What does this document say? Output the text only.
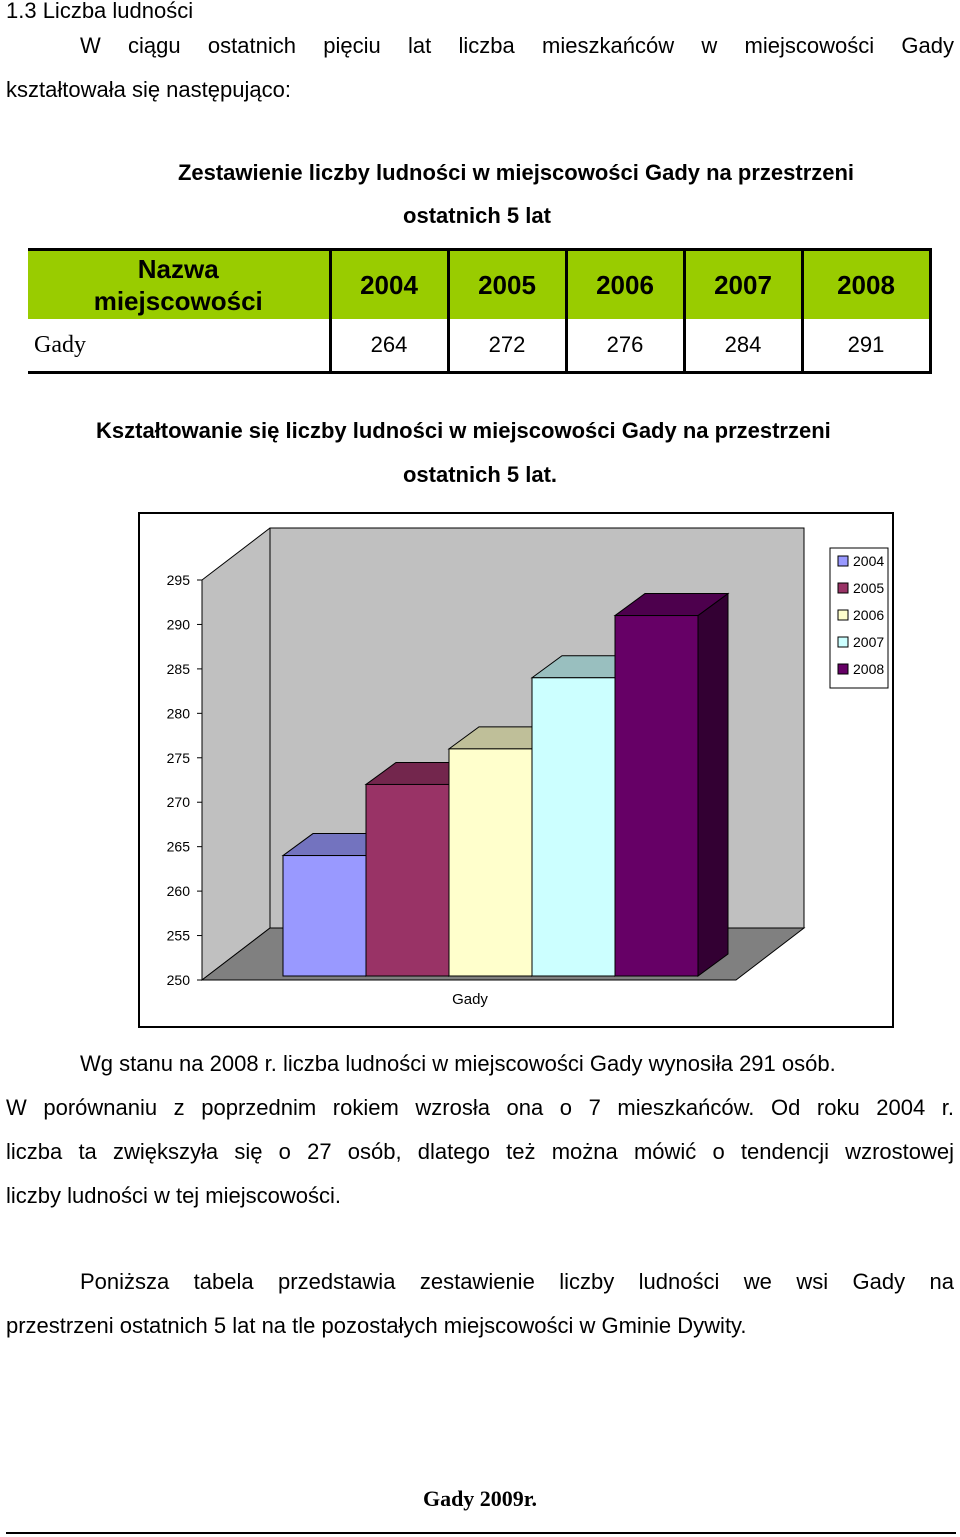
1.3 Liczba ludności
W ciągu ostatnich pięciu lat liczba mieszkańców w miejscowości Gady
kształtowała się następująco:
Zestawienie liczby ludności w miejscowości Gady na przestrzeni
ostatnich 5 lat
Nazwa
miejscowości	2004	2005	2006	2007	2008
Gady	264	272	276	284	291
Kształtowanie się liczby ludności w miejscowości Gady na przestrzeni
ostatnich 5 lat.
295
290
285
280
275
270
265
260
255
250
Gady
2004
2005
2006
2007
2008
Wg stanu na 2008 r. liczba ludności w miejscowości Gady wynosiła 291 osób.
W porównaniu z poprzednim rokiem wzrosła ona o 7 mieszkańców. Od roku 2004 r.
liczba ta zwiększyła się o 27 osób, dlatego też można mówić o tendencji wzrostowej
liczby ludności w tej miejscowości.
Poniższa tabela przedstawia zestawienie liczby ludności we wsi Gady na
przestrzeni ostatnich 5 lat na tle pozostałych miejscowości w Gminie Dywity.
Gady 2009r.
